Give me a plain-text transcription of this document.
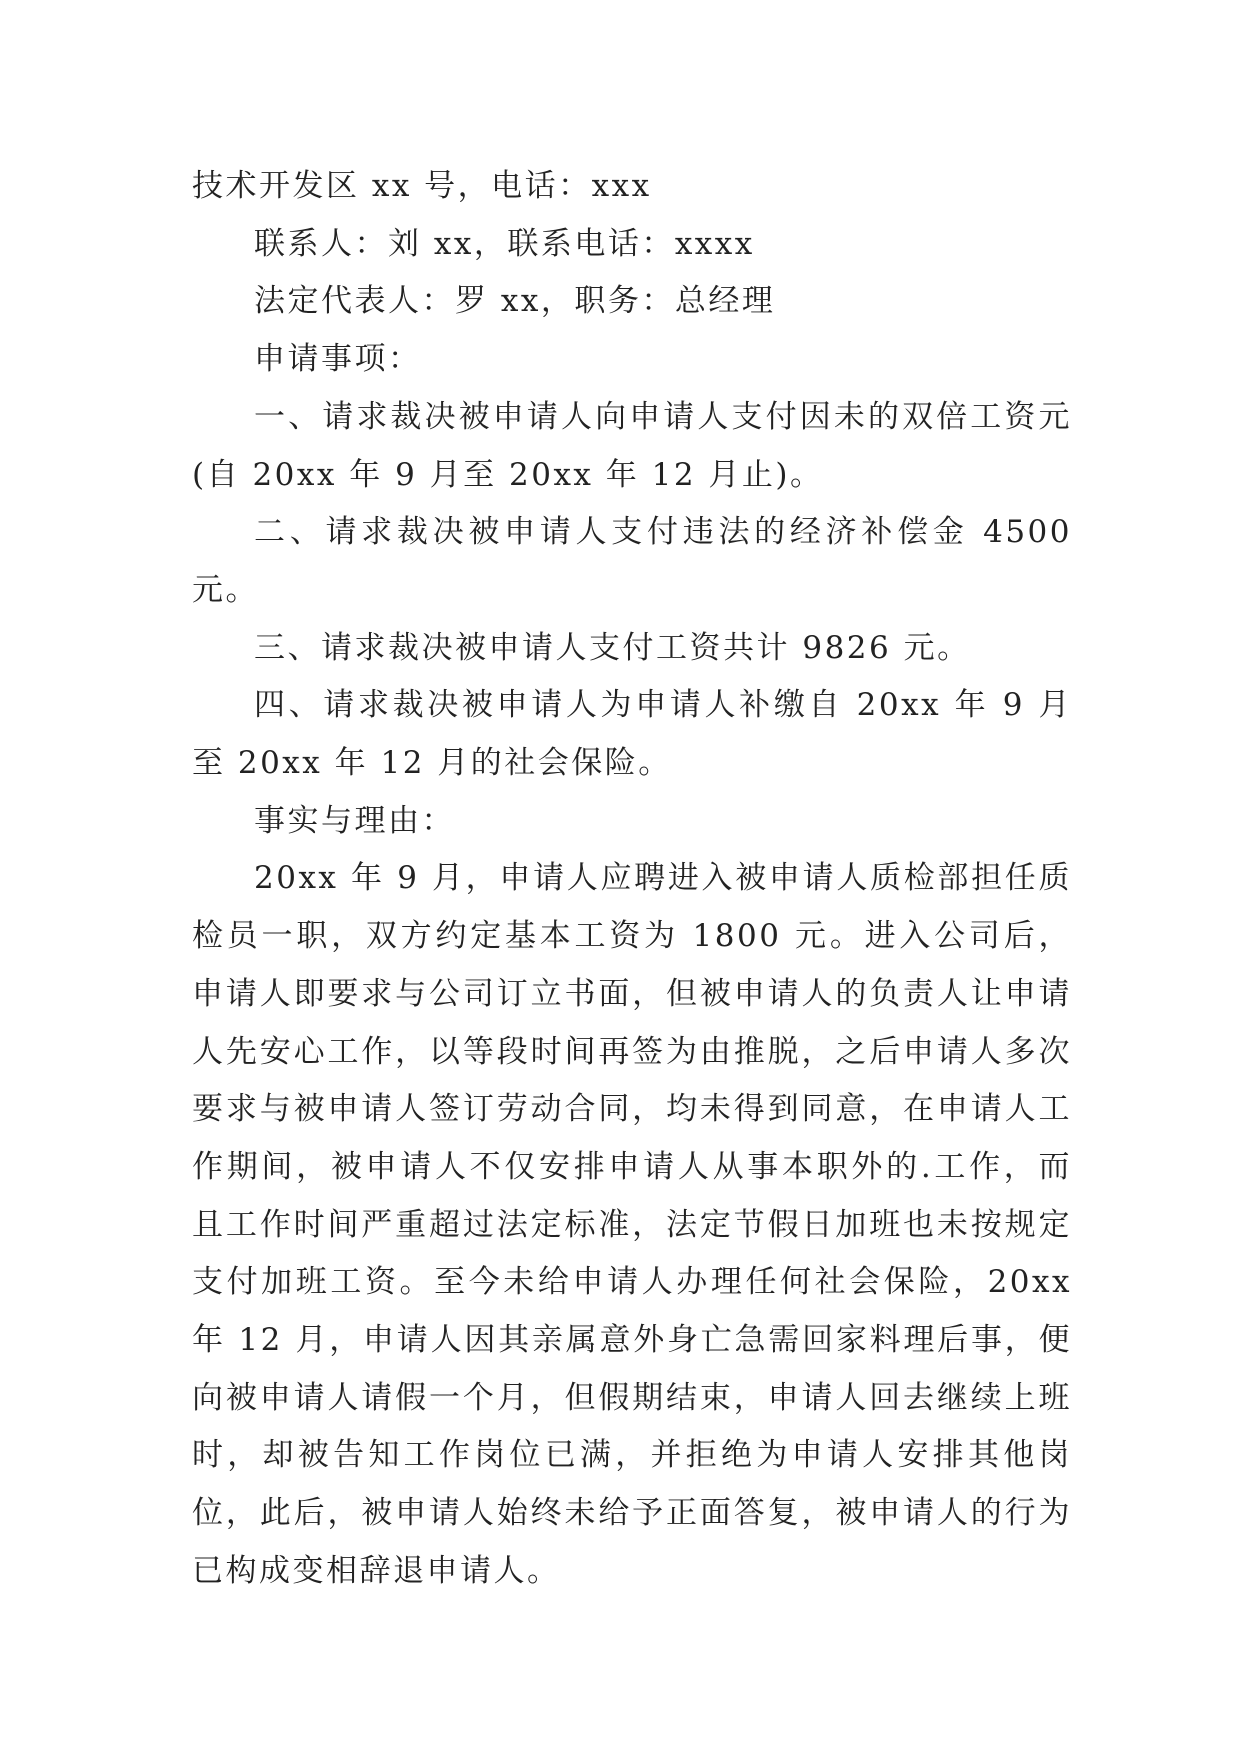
技术开发区 xx 号，电话：xxx

联系人：刘 xx，联系电话：xxxx

法定代表人：罗 xx，职务：总经理

申请事项：

一、请求裁决被申请人向申请人支付因未的双倍工资元(自 20xx 年 9 月至 20xx 年 12 月止)。

二、请求裁决被申请人支付违法的经济补偿金 4500 元。

三、请求裁决被申请人支付工资共计 9826 元。

四、请求裁决被申请人为申请人补缴自 20xx 年 9 月至 20xx 年 12 月的社会保险。

事实与理由：

20xx 年 9 月，申请人应聘进入被申请人质检部担任质检员一职，双方约定基本工资为 1800 元。进入公司后，申请人即要求与公司订立书面，但被申请人的负责人让申请人先安心工作，以等段时间再签为由推脱，之后申请人多次要求与被申请人签订劳动合同，均未得到同意，在申请人工作期间，被申请人不仅安排申请人从事本职外的.工作，而且工作时间严重超过法定标准，法定节假日加班也未按规定支付加班工资。至今未给申请人办理任何社会保险，20xx 年 12 月，申请人因其亲属意外身亡急需回家料理后事，便向被申请人请假一个月，但假期结束，申请人回去继续上班时，却被告知工作岗位已满，并拒绝为申请人安排其他岗位，此后，被申请人始终未给予正面答复，被申请人的行为已构成变相辞退申请人。
